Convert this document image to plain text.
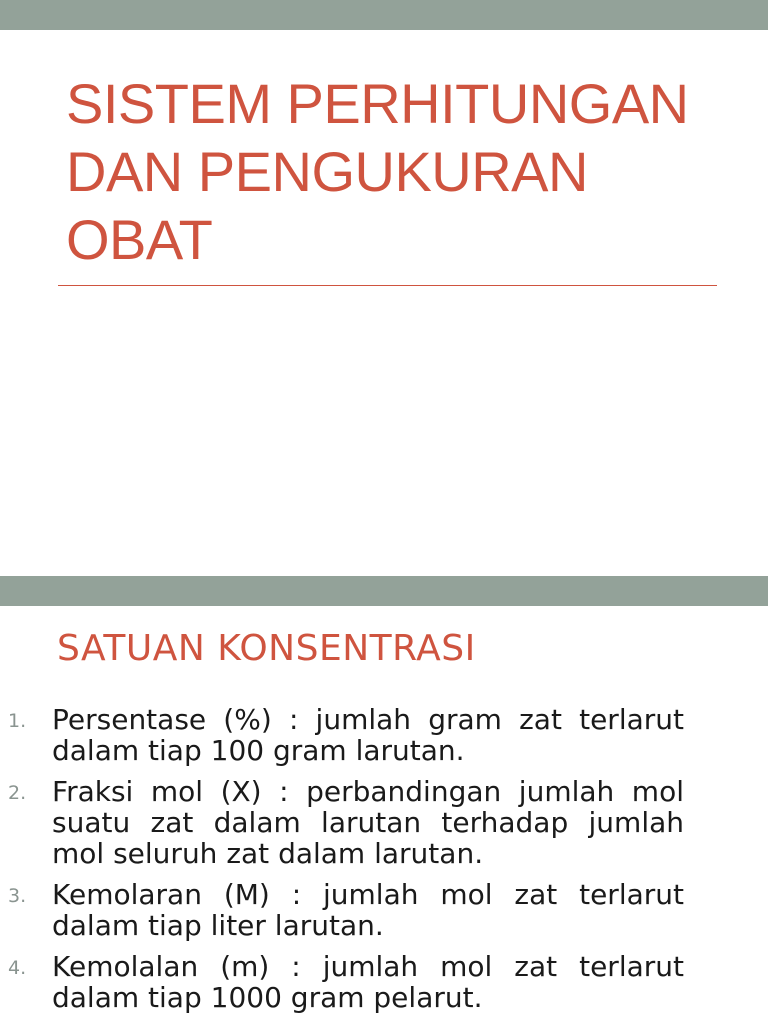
SISTEM PERHITUNGAN
DAN PENGUKURAN
OBAT
SATUAN KONSENTRASI
1. Persentase (%) : jumlah gram zat terlarut dalam tiap 100 gram larutan.
2. Fraksi mol (X) : perbandingan jumlah mol suatu zat dalam larutan terhadap jumlah mol seluruh zat dalam larutan.
3. Kemolaran (M) : jumlah mol zat terlarut dalam tiap liter larutan.
4. Kemolalan (m) : jumlah mol zat terlarut dalam tiap 1000 gram pelarut.
